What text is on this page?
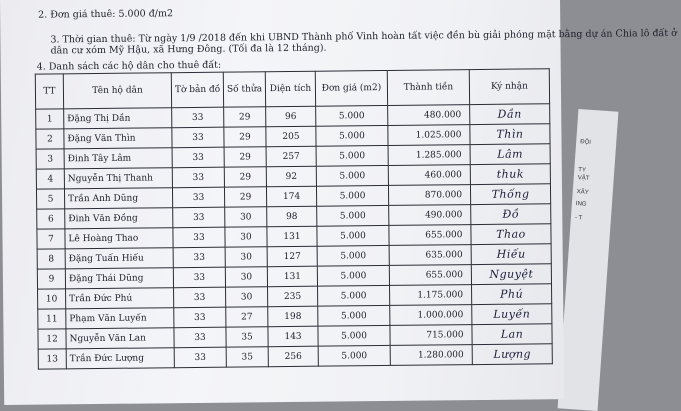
ĐỘI
TY
VẬT
XÂY
ING
- T
2. Đơn giá thuê: 5.000 đ/m2
3. Thời gian thuê: Từ ngày 1/9 /2018 đến khi UBND Thành phố Vinh hoàn tất việc đền bù giải phóng mặt bằng dự án Chia lô đất ở
dân cư xóm Mỹ Hậu, xã Hưng Đông. (Tối đa là 12 tháng).
4. Danh sách các hộ dân cho thuê đất:
TT	Tên hộ dân	Tờ bản đồ	Số thửa	Diện tích	Đơn giá (m2)	Thành tiền	Ký nhận
1	Đặng Thị Dần	33	29	96	5.000	480.000	Dần
2	Đặng Văn Thìn	33	29	205	5.000	1.025.000	Thìn
3	Đinh Tây Lâm	33	29	257	5.000	1.285.000	Lâm
4	Nguyễn Thị Thanh	33	29	92	5.000	460.000	thuk
5	Trần Anh Dũng	33	29	174	5.000	870.000	Thống
6	Đinh Văn Đồng	33	30	98	5.000	490.000	Đồ
7	Lê Hoàng Thao	33	30	131	5.000	655.000	Thao
8	Đặng Tuấn Hiếu	33	30	127	5.000	635.000	Hiếu
9	Đặng Thái Dũng	33	30	131	5.000	655.000	Nguyệt
10	Trần Đức Phú	33	30	235	5.000	1.175.000	Phú
11	Phạm Văn Luyến	33	27	198	5.000	1.000.000	Luyến
12	Nguyễn Văn Lan	33	35	143	5.000	715.000	Lan
13	Trần Đức Lượng	33	35	256	5.000	1.280.000	Lượng
